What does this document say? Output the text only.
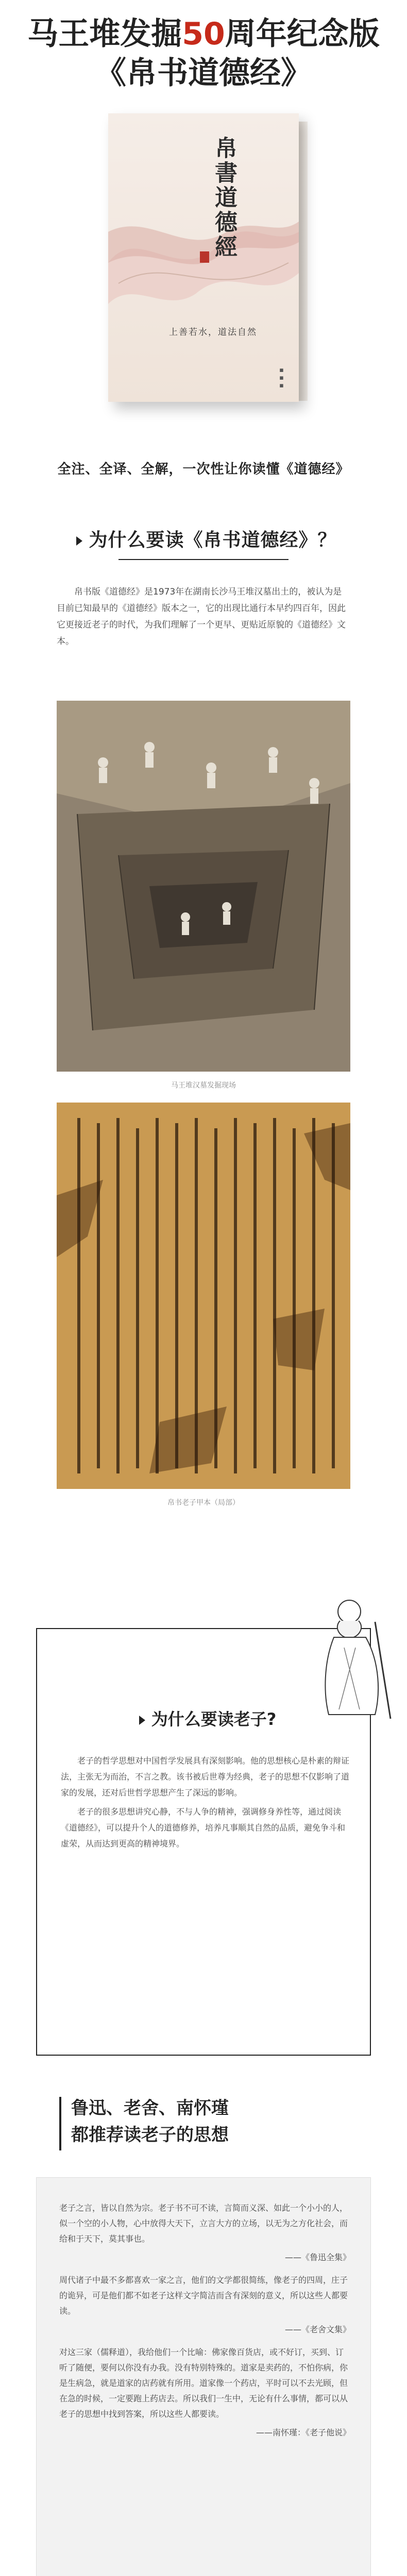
马王堆发掘50周年纪念版
《帛书道德经》
帛書道德經
上善若水，道法自然
▪▪▪
全注、全译、全解，一次性让你读懂《道德经》
为什么要读《帛书道德经》？

帛书版《道德经》是1973年在湖南长沙马王堆汉墓出土的，被认为是目前已知最早的《道德经》版本之一，它的出现比通行本早约四百年，因此它更接近老子的时代，为我们理解了一个更早、更贴近原貌的《道德经》文本。

马王堆汉墓发掘现场
帛书老子甲本（局部）
为什么要读老子?

老子的哲学思想对中国哲学发展具有深刻影响。他的思想核心是朴素的辩证法，主张无为而治，不言之教。该书被后世尊为经典，老子的思想不仅影响了道家的发展，还对后世哲学思想产生了深远的影响。

老子的很多思想讲究心静，不与人争的精神，强调修身养性等，通过阅读《道德经》，可以提升个人的道德修养，培养凡事顺其自然的品质，避免争斗和虚荣，从而达到更高的精神境界。

鲁迅、老舍、南怀瑾
都推荐读老子的思想

老子之言，皆以自然为宗。老子书不可不读，言简而义深、如此一个小小的人，似一个空的小人物，心中放得大天下，立言大方的立场，以无为之方化社会，而给和于天下，莫其事也。

——《鲁迅全集》

周代诸子中最不多都喜欢一家之言，他们的文学都很简练，像老子的四周，庄子的诡异，可是他们都不如老子这样文字简洁而含有深刻的意义，所以这些人都要读。

——《老舍文集》

对这三家（儒释道），我给他们一个比喻：佛家像百货店，或不好订，买到、订听了随便，要何以你没有办我。没有特别特殊的。道家是卖药的，不怕你病，你是生病急，就是道家的店药就有所用。道家像一个药店，平时可以不去光顾，但在急的时候，一定要跑上药店去。所以我们一生中，无论有什么事情，都可以从老子的思想中找到答案，所以这些人都要读。

——南怀瑾：《老子他说》
